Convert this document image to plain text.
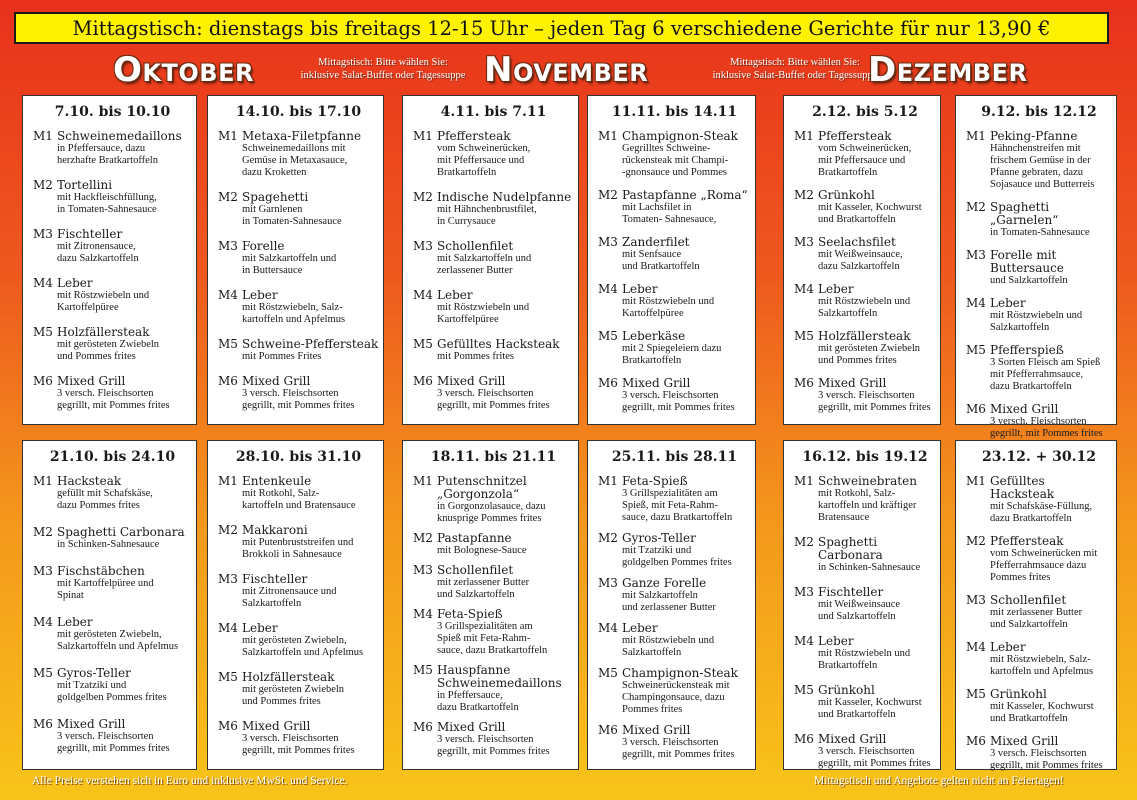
Mittagstisch: dienstags bis freitags 12-15 Uhr – jeden Tag 6 verschiedene Gerichte für nur 13,90 €
Oktober	Mittagstisch: Bitte wählen Sie:
inklusive Salat-Buffet oder Tagessuppe November	Mittagstisch: Bitte wählen Sie:
inklusive Salat-Buffet oder Tagessuppe
Dezember
7.10. bis 10.10
M1 Schweinemedaillons
in Pfeffersauce, dazu
herzhafte Bratkartoffeln
M2 Tortellini
mit Hackfleischfüllung,
in Tomaten-Sahnesauce
M3 Fischteller
mit Zitronensauce,
dazu Salzkartoffeln
M4 Leber
mit Röstzwiebeln und
Kartoffelpüree
M5 Holzfällersteak
mit gerösteten Zwiebeln
und Pommes frites
M6 Mixed Grill
3 versch. Fleischsorten
gegrillt, mit Pommes frites
14.10. bis 17.10
M1 Metaxa-Filetpfanne
Schweinemedaillons mit
Gemüse in Metaxasauce,
dazu Kroketten
M2 Spagehetti
mit Garnlenen
in Tomaten-Sahnesauce
M3 Forelle
mit Salzkartoffeln und
in Buttersauce
M4 Leber
mit Röstzwiebeln, Salz-
kartoffeln und Apfelmus
M5 Schweine-Pfeffersteak
mit Pommes Frites
M6 Mixed Grill
3 versch. Fleischsorten
gegrillt, mit Pommes frites
4.11. bis 7.11
M1 Pfeffersteak
vom Schweinerücken,
mit Pfeffersauce und
Bratkartoffeln
M2 Indische Nudelpfanne
mit Hähnchenbrustfilet,
in Currysauce
M3 Schollenfilet
mit Salzkartoffeln und
zerlassener Butter
M4 Leber
mit Röstzwiebeln und
Kartoffelpüree
M5 Gefülltes Hacksteak
mit Pommes frites
M6 Mixed Grill
3 versch. Fleischsorten
gegrillt, mit Pommes frites
11.11. bis 14.11
M1 Champignon-Steak
Gegrilltes Schweine-
rückensteak mit Champi-
-gnonsauce und Pommes
M2 Pastapfanne „Roma“
mit Lachsfilet in
Tomaten- Sahnesauce,
M3 Zanderfilet
mit Senfsauce
und Bratkartoffeln
M4 Leber
mit Röstzwiebeln und
Kartoffelpüree
M5 Leberkäse
mit 2 Spiegeleiern dazu
Bratkartoffeln
M6 Mixed Grill
3 versch. Fleischsorten
gegrillt, mit Pommes frites
2.12. bis 5.12
M1 Pfeffersteak
vom Schweinerücken,
mit Pfeffersauce und
Bratkartoffeln
M2 Grünkohl
mit Kasseler, Kochwurst
und Bratkartoffeln
M3 Seelachsfilet
mit Weißweinsauce,
dazu Salzkartoffeln
M4 Leber
mit Röstzwiebeln und
Salzkartoffeln
M5 Holzfällersteak
mit gerösteten Zwiebeln
und Pommes frites
M6 Mixed Grill
3 versch. Fleischsorten
gegrillt, mit Pommes frites
9.12. bis 12.12
M1 Peking-Pfanne
Hähnchenstreifen mit
frischem Gemüse in der
Pfanne gebraten, dazu
Sojasauce und Butterreis
M2 Spaghetti „Garnelen“
in Tomaten-Sahnesauce
M3 Forelle mit Buttersauce
und Salzkartoffeln
M4 Leber
mit Röstzwiebeln und
Salzkartoffeln
M5 Pfefferspieß
3 Sorten Fleisch am Spieß
mit Pfefferrahmsauce,
dazu Bratkartoffeln
M6 Mixed Grill
3 versch. Fleischsorten
gegrillt, mit Pommes frites
21.10. bis 24.10
M1 Hacksteak
gefüllt mit Schafskäse,
dazu Pommes frites
M2 Spaghetti Carbonara
in Schinken-Sahnesauce
M3 Fischstäbchen
mit Kartoffelpüree und
Spinat
M4 Leber
mit gerösteten Zwiebeln,
Salzkartoffeln und Apfelmus
M5 Gyros-Teller
mit Tzatziki und
goldgelben Pommes frites
M6 Mixed Grill
3 versch. Fleischsorten
gegrillt, mit Pommes frites
28.10. bis 31.10
M1 Entenkeule
mit Rotkohl, Salz-
kartoffeln und Bratensauce
M2 Makkaroni
mit Putenbruststreifen und
Brokkoli in Sahnesauce
M3 Fischteller
mit Zitronensauce und
Salzkartoffeln
M4 Leber
mit gerösteten Zwiebeln,
Salzkartoffeln und Apfelmus
M5 Holzfällersteak
mit gerösteten Zwiebeln
und Pommes frites
M6 Mixed Grill
3 versch. Fleischsorten
gegrillt, mit Pommes frites
18.11. bis 21.11
M1 Putenschnitzel
„Gorgonzola“
in Gorgonzolasauce, dazu
knusprige Pommes frites
M2 Pastapfanne
mit Bolognese-Sauce
M3 Schollenfilet
mit zerlassener Butter
und Salzkartoffeln
M4 Feta-Spieß
3 Grillspezialitäten am
Spieß mit Feta-Rahm-
sauce, dazu Bratkartoffeln
M5 Hauspfanne
Schweinemedaillons
in Pfeffersauce,
dazu Bratkartoffeln
M6 Mixed Grill
3 versch. Fleischsorten
gegrillt, mit Pommes frites
25.11. bis 28.11
M1 Feta-Spieß
3 Grillspezialitäten am
Spieß, mit Feta-Rahm-
sauce, dazu Bratkartoffeln
M2 Gyros-Teller
mit Tzatziki und
goldgelben Pommes frites
M3 Ganze Forelle
mit Salzkartoffeln
und zerlassener Butter
M4 Leber
mit Röstzwiebeln und
Salzkartoffeln
M5 Champignon-Steak
Schweinerückensteak mit
Champingonsauce, dazu
Pommes frites
M6 Mixed Grill
3 versch. Fleischsorten
gegrillt, mit Pommes frites
16.12. bis 19.12
M1 Schweinebraten
mit Rotkohl, Salz-
kartoffeln und kräftiger
Bratensauce
M2 Spaghetti Carbonara
in Schinken-Sahnesauce
M3 Fischteller
mit Weißweinsauce
und Salzkartoffeln
M4 Leber
mit Röstzwiebeln und
Bratkartoffeln
M5 Grünkohl
mit Kasseler, Kochwurst
und Bratkartoffeln
M6 Mixed Grill
3 versch. Fleischsorten
gegrillt, mit Pommes frites
23.12. + 30.12
M1 Gefülltes Hacksteak
mit Schafskäse-Füllung,
dazu Bratkartoffeln
M2 Pfeffersteak
vom Schweinerücken mit
Pfefferrahmsauce dazu
Pommes frites
M3 Schollenfilet
mit zerlassener Butter
und Salzkartoffeln
M4 Leber
mit Röstzwiebeln, Salz-
kartoffeln und Apfelmus
M5 Grünkohl
mit Kasseler, Kochwurst
und Bratkartoffeln
M6 Mixed Grill
3 versch. Fleischsorten
gegrillt, mit Pommes frites
Alle Preise verstehen sich in Euro und inklusive MwSt. und Service.	Mittagstisch und Angebote gelten nicht an Feiertagen!
